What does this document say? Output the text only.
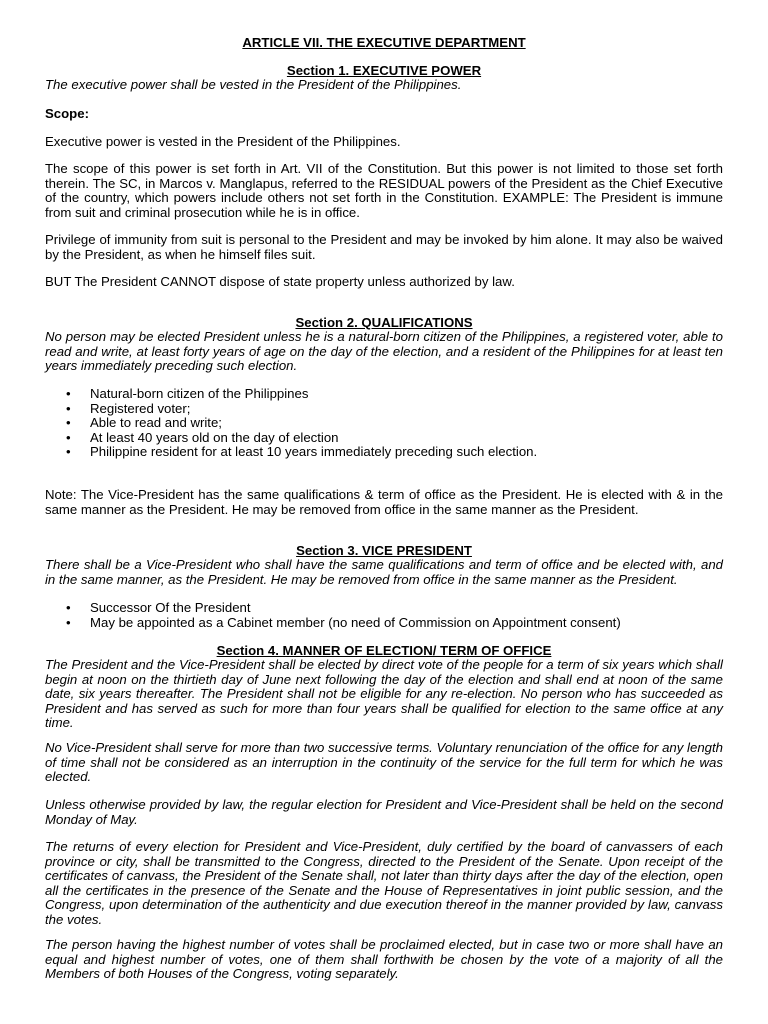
ARTICLE VII. THE EXECUTIVE DEPARTMENT
Section 1. EXECUTIVE POWER
The executive power shall be vested in the President of the Philippines.
Scope:
Executive power is vested in the President of the Philippines.
The scope of this power is set forth in Art. VII of the Constitution. But this power is not limited to those set forth therein. The SC, in Marcos v. Manglapus, referred to the RESIDUAL powers of the President as the Chief Executive of the country, which powers include others not set forth in the Constitution. EXAMPLE: The President is immune from suit and criminal prosecution while he is in office.
Privilege of immunity from suit is personal to the President and may be invoked by him alone. It may also be waived by the President, as when he himself files suit.
BUT The President CANNOT dispose of state property unless authorized by law.
Section 2. QUALIFICATIONS
No person may be elected President unless he is a natural-born citizen of the Philippines, a registered voter, able to read and write, at least forty years of age on the day of the election, and a resident of the Philippines for at least ten years immediately preceding such election.
• Natural-born citizen of the Philippines
• Registered voter;
• Able to read and write;
• At least 40 years old on the day of election
• Philippine resident for at least 10 years immediately preceding such election.
Note: The Vice-President has the same qualifications & term of office as the President. He is elected with & in the same manner as the President. He may be removed from office in the same manner as the President.
Section 3. VICE PRESIDENT
There shall be a Vice-President who shall have the same qualifications and term of office and be elected with, and in the same manner, as the President. He may be removed from office in the same manner as the President.
• Successor Of the President
• May be appointed as a Cabinet member (no need of Commission on Appointment consent)
Section 4. MANNER OF ELECTION/ TERM OF OFFICE
The President and the Vice-President shall be elected by direct vote of the people for a term of six years which shall begin at noon on the thirtieth day of June next following the day of the election and shall end at noon of the same date, six years thereafter. The President shall not be eligible for any re-election. No person who has succeeded as President and has served as such for more than four years shall be qualified for election to the same office at any time.
No Vice-President shall serve for more than two successive terms. Voluntary renunciation of the office for any length of time shall not be considered as an interruption in the continuity of the service for the full term for which he was elected.
Unless otherwise provided by law, the regular election for President and Vice-President shall be held on the second Monday of May.
The returns of every election for President and Vice-President, duly certified by the board of canvassers of each province or city, shall be transmitted to the Congress, directed to the President of the Senate. Upon receipt of the certificates of canvass, the President of the Senate shall, not later than thirty days after the day of the election, open all the certificates in the presence of the Senate and the House of Representatives in joint public session, and the Congress, upon determination of the authenticity and due execution thereof in the manner provided by law, canvass the votes.
The person having the highest number of votes shall be proclaimed elected, but in case two or more shall have an equal and highest number of votes, one of them shall forthwith be chosen by the vote of a majority of all the Members of both Houses of the Congress, voting separately.
